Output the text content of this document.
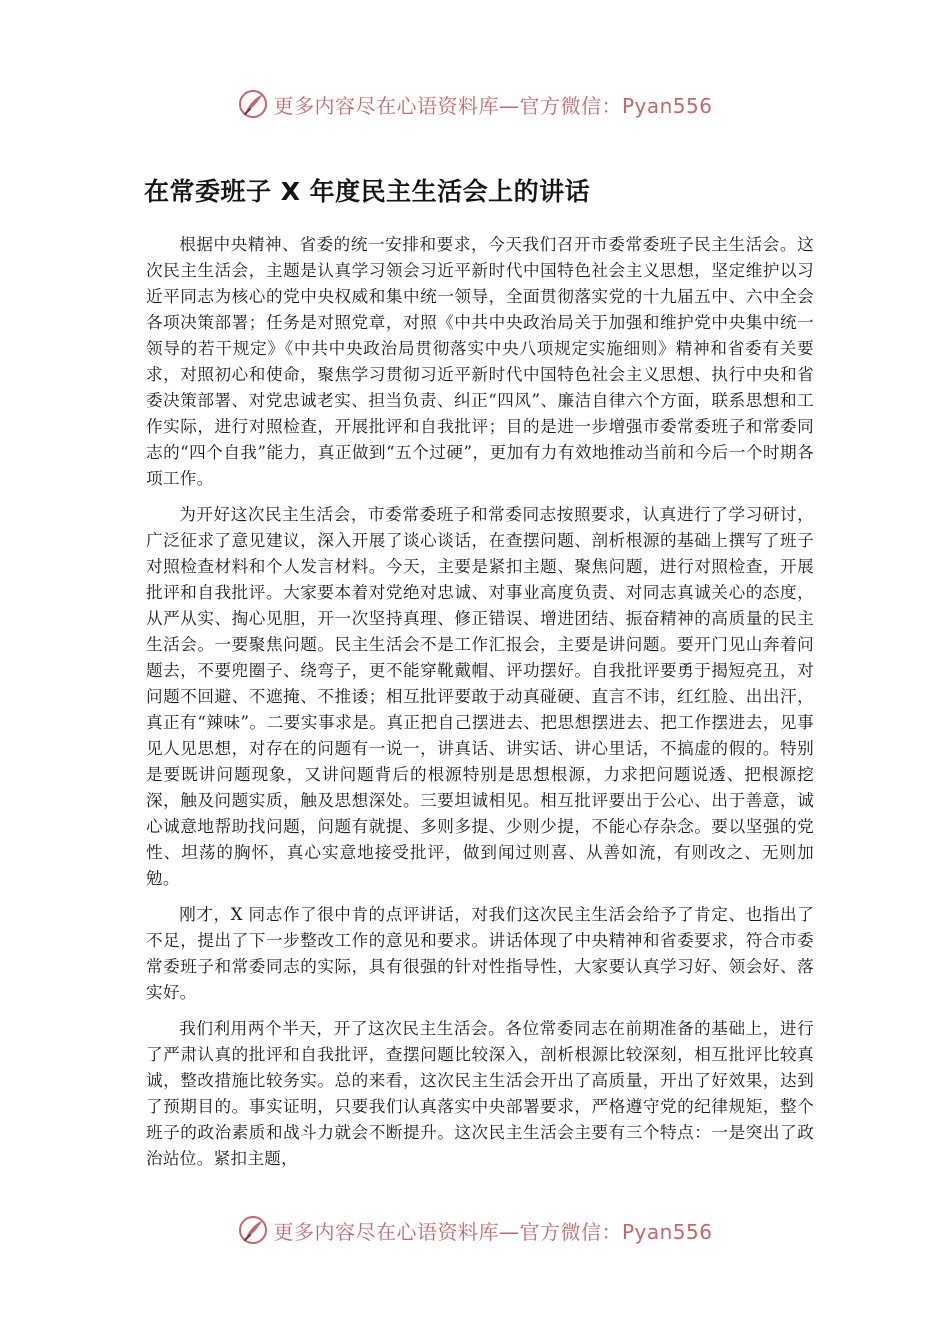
更多内容尽在心语资料库—官方微信：Pyan556
在常委班子 X 年度民主生活会上的讲话

根据中央精神、省委的统一安排和要求，今天我们召开市委常委班子民主生活会。这次民主生活会，主题是认真学习领会习近平新时代中国特色社会主义思想，坚定维护以习近平同志为核心的党中央权威和集中统一领导，全面贯彻落实党的十九届五中、六中全会各项决策部署；任务是对照党章，对照《中共中央政治局关于加强和维护党中央集中统一领导的若干规定》《中共中央政治局贯彻落实中央八项规定实施细则》精神和省委有关要求，对照初心和使命，聚焦学习贯彻习近平新时代中国特色社会主义思想、执行中央和省委决策部署、对党忠诚老实、担当负责、纠正“四风”、廉洁自律六个方面，联系思想和工作实际，进行对照检查，开展批评和自我批评；目的是进一步增强市委常委班子和常委同志的“四个自我”能力，真正做到“五个过硬”，更加有力有效地推动当前和今后一个时期各项工作。

为开好这次民主生活会，市委常委班子和常委同志按照要求，认真进行了学习研讨，广泛征求了意见建议，深入开展了谈心谈话，在查摆问题、剖析根源的基础上撰写了班子对照检查材料和个人发言材料。今天，主要是紧扣主题、聚焦问题，进行对照检查，开展批评和自我批评。大家要本着对党绝对忠诚、对事业高度负责、对同志真诚关心的态度，从严从实、掏心见胆，开一次坚持真理、修正错误、增进团结、振奋精神的高质量的民主生活会。一要聚焦问题。民主生活会不是工作汇报会，主要是讲问题。要开门见山奔着问题去，不要兜圈子、绕弯子，更不能穿靴戴帽、评功摆好。自我批评要勇于揭短亮丑，对问题不回避、不遮掩、不推诿；相互批评要敢于动真碰硬、直言不讳，红红脸、出出汗，真正有“辣味”。二要实事求是。真正把自己摆进去、把思想摆进去、把工作摆进去，见事见人见思想，对存在的问题有一说一，讲真话、讲实话、讲心里话，不搞虚的假的。特别是要既讲问题现象，又讲问题背后的根源特别是思想根源，力求把问题说透、把根源挖深，触及问题实质，触及思想深处。三要坦诚相见。相互批评要出于公心、出于善意，诚心诚意地帮助找问题，问题有就提、多则多提、少则少提，不能心存杂念。要以坚强的党性、坦荡的胸怀，真心实意地接受批评，做到闻过则喜、从善如流，有则改之、无则加勉。

刚才，X 同志作了很中肯的点评讲话，对我们这次民主生活会给予了肯定、也指出了不足，提出了下一步整改工作的意见和要求。讲话体现了中央精神和省委要求，符合市委常委班子和常委同志的实际，具有很强的针对性指导性，大家要认真学习好、领会好、落实好。

我们利用两个半天，开了这次民主生活会。各位常委同志在前期准备的基础上，进行了严肃认真的批评和自我批评，查摆问题比较深入，剖析根源比较深刻，相互批评比较真诚，整改措施比较务实。总的来看，这次民主生活会开出了高质量，开出了好效果，达到了预期目的。事实证明，只要我们认真落实中央部署要求，严格遵守党的纪律规矩，整个班子的政治素质和战斗力就会不断提升。这次民主生活会主要有三个特点：一是突出了政治站位。紧扣主题，

更多内容尽在心语资料库—官方微信：Pyan556
